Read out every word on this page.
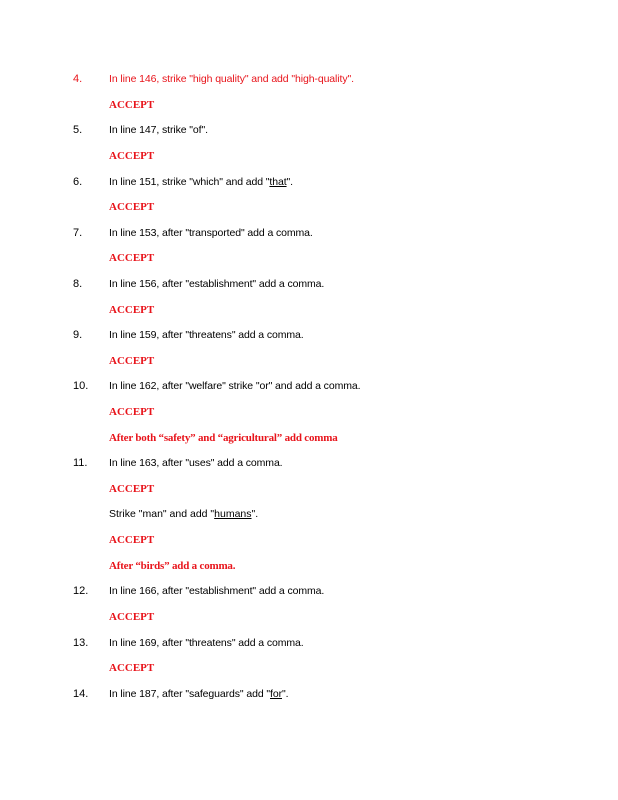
4.	In line 146, strike "high quality" and add "high-quality".
ACCEPT
5.	In line 147, strike "of".
ACCEPT
6.	In line 151, strike "which" and add "that".
ACCEPT
7.	In line 153, after "transported" add a comma.
ACCEPT
8.	In line 156, after "establishment" add a comma.
ACCEPT
9.	In line 159, after "threatens" add a comma.
ACCEPT
10. In line 162, after "welfare" strike "or" and add a comma.
ACCEPT
After both “safety” and “agricultural” add comma
11. In line 163, after "uses" add a comma.
ACCEPT
Strike "man" and add "humans".
ACCEPT
After “birds” add a comma.
12. In line 166, after "establishment" add a comma.
ACCEPT
13. In line 169, after "threatens" add a comma.
ACCEPT
14. In line 187, after "safeguards" add "for".
